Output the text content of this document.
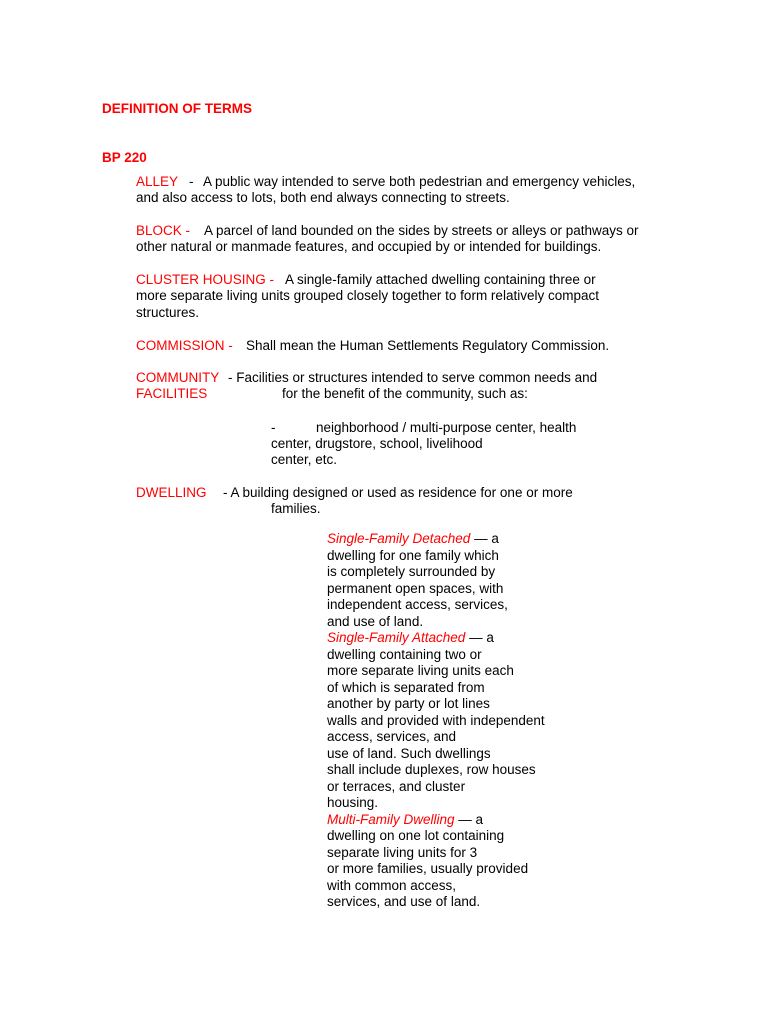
DEFINITION OF TERMS

BP 220

ALLEY - A public way intended to serve both pedestrian and emergency vehicles,
and also access to lots, both end always connecting to streets.
BLOCK - A parcel of land bounded on the sides by streets or alleys or pathways or
other natural or manmade features, and occupied by or intended for buildings.
CLUSTER HOUSING - A single-family attached dwelling containing three or
more separate living units grouped closely together to form relatively compact
structures.
COMMISSION - Shall mean the Human Settlements Regulatory Commission.
COMMUNITY
FACILITIES
- Facilities or structures intended to serve common needs and
for the benefit of the community, such as:
-	neighborhood / multi-purpose center, health
center, drugstore, school, livelihood
center, etc.
DWELLING - A building designed or used as residence for one or more
families.
Single-Family Detached — a
dwelling for one family which
is completely surrounded by
permanent open spaces, with
independent access, services,
and use of land.
Single-Family Attached — a
dwelling containing two or
more separate living units each
of which is separated from
another by party or lot lines
walls and provided with independent
access, services, and
use of land. Such dwellings
shall include duplexes, row houses
or terraces, and cluster
housing.
Multi-Family Dwelling — a
dwelling on one lot containing
separate living units for 3
or more families, usually provided
with common access,
services, and use of land.
